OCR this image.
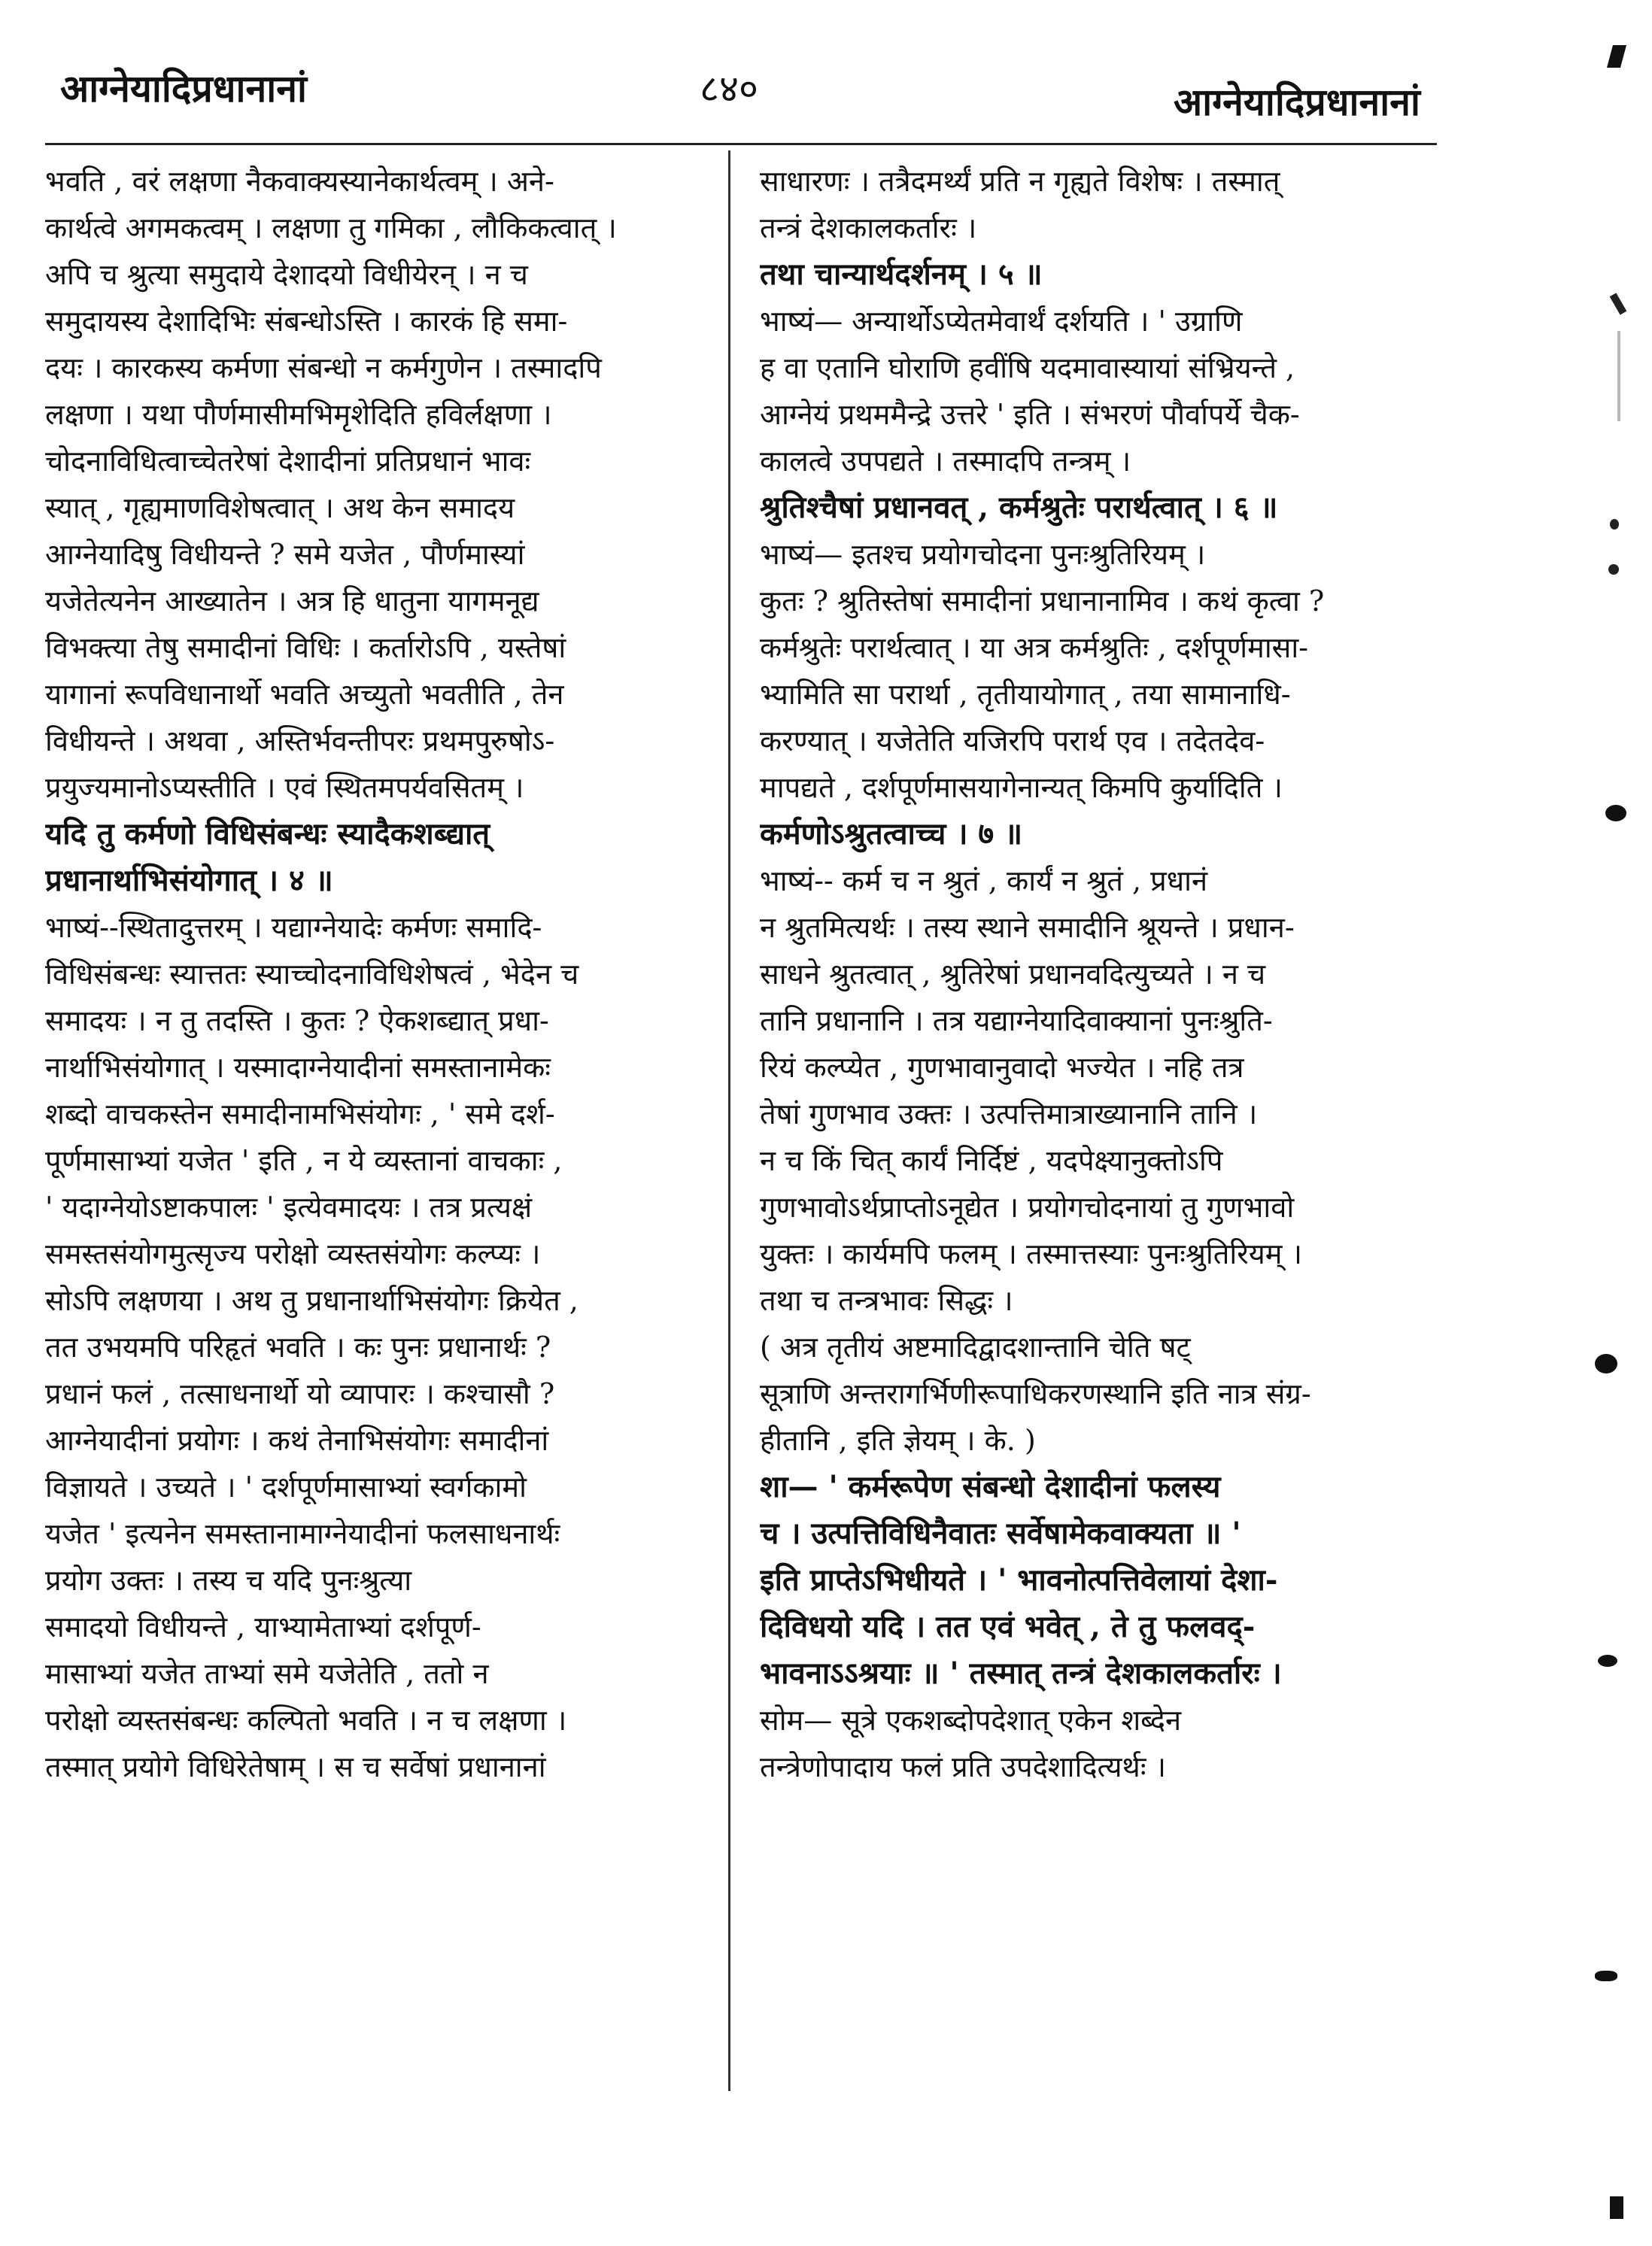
आग्नेयादिप्रधानानां	८४०	आग्नेयादिप्रधानानां
भवति , वरं लक्षणा नैकवाक्यस्यानेकार्थत्वम् । अने-
कार्थत्वे अगमकत्वम् । लक्षणा तु गमिका , लौकिकत्वात् ।
अपि च श्रुत्या समुदाये देशादयो विधीयेरन् । न च
समुदायस्य देशादिभिः संबन्धोऽस्ति । कारकं हि समा-
दयः । कारकस्य कर्मणा संबन्धो न कर्मगुणेन । तस्मादपि
लक्षणा । यथा पौर्णमासीमभिमृशेदिति हविर्लक्षणा ।
चोदनाविधित्वाच्चेतरेषां देशादीनां प्रतिप्रधानं भावः
स्यात् , गृह्यमाणविशेषत्वात् । अथ केन समादय
आग्नेयादिषु विधीयन्ते ? समे यजेत , पौर्णमास्यां
यजेतेत्यनेन आख्यातेन । अत्र हि धातुना यागमनूद्य
विभक्त्या तेषु समादीनां विधिः । कर्तारोऽपि , यस्तेषां
यागानां रूपविधानार्थो भवति अच्युतो भवतीति , तेन
विधीयन्ते । अथवा , अस्तिर्भवन्तीपरः प्रथमपुरुषोऽ-
प्रयुज्यमानोऽप्यस्तीति । एवं स्थितमपर्यवसितम् ।
यदि तु कर्मणो विधिसंबन्धः स्यादैकशब्द्यात्
प्रधानार्थाभिसंयोगात् । ४ ॥
भाष्यं--स्थितादुत्तरम् । यद्याग्नेयादेः कर्मणः समादि-
विधिसंबन्धः स्यात्ततः स्याच्चोदनाविधिशेषत्वं , भेदेन च
समादयः । न तु तदस्ति । कुतः ? ऐकशब्द्यात् प्रधा-
नार्थाभिसंयोगात् । यस्मादाग्नेयादीनां समस्तानामेकः
शब्दो वाचकस्तेन समादीनामभिसंयोगः , ' समे दर्श-
पूर्णमासाभ्यां यजेत ' इति , न ये व्यस्तानां वाचकाः ,
' यदाग्नेयोऽष्टाकपालः ' इत्येवमादयः । तत्र प्रत्यक्षं
समस्तसंयोगमुत्सृज्य परोक्षो व्यस्तसंयोगः कल्प्यः ।
सोऽपि लक्षणया । अथ तु प्रधानार्थाभिसंयोगः क्रियेत ,
तत उभयमपि परिहृतं भवति । कः पुनः प्रधानार्थः ?
प्रधानं फलं , तत्साधनार्थो यो व्यापारः । कश्चासौ ?
आग्नेयादीनां प्रयोगः । कथं तेनाभिसंयोगः समादीनां
विज्ञायते । उच्यते । ' दर्शपूर्णमासाभ्यां स्वर्गकामो
यजेत ' इत्यनेन समस्तानामाग्नेयादीनां फलसाधनार्थः
प्रयोग उक्तः । तस्य च यदि पुनःश्रुत्या
समादयो विधीयन्ते , याभ्यामेताभ्यां दर्शपूर्ण-
मासाभ्यां यजेत ताभ्यां समे यजेतेति , ततो न
परोक्षो व्यस्तसंबन्धः कल्पितो भवति । न च लक्षणा ।
तस्मात् प्रयोगे विधिरेतेषाम् । स च सर्वेषां प्रधानानां
साधारणः । तत्रैदमर्थ्यं प्रति न गृह्यते विशेषः । तस्मात्
तन्त्रं देशकालकर्तारः ।
तथा चान्यार्थदर्शनम् । ५ ॥
भाष्यं— अन्यार्थोऽप्येतमेवार्थं दर्शयति । ' उग्राणि
ह वा एतानि घोराणि हवींषि यदमावास्यायां संभ्रियन्ते ,
आग्नेयं प्रथममैन्द्रे उत्तरे ' इति । संभरणं पौर्वापर्ये चैक-
कालत्वे उपपद्यते । तस्मादपि तन्त्रम् ।
श्रुतिश्चैषां प्रधानवत् , कर्मश्रुतेः परार्थत्वात् । ६ ॥
भाष्यं— इतश्च प्रयोगचोदना पुनःश्रुतिरियम् ।
कुतः ? श्रुतिस्तेषां समादीनां प्रधानानामिव । कथं कृत्वा ?
कर्मश्रुतेः परार्थत्वात् । या अत्र कर्मश्रुतिः , दर्शपूर्णमासा-
भ्यामिति सा परार्था , तृतीयायोगात् , तया सामानाधि-
करण्यात् । यजेतेति यजिरपि परार्थ एव । तदेतदेव-
मापद्यते , दर्शपूर्णमासयागेनान्यत् किमपि कुर्यादिति ।
कर्मणोऽश्रुतत्वाच्च । ७ ॥
भाष्यं-- कर्म च न श्रुतं , कार्यं न श्रुतं , प्रधानं
न श्रुतमित्यर्थः । तस्य स्थाने समादीनि श्रूयन्ते । प्रधान-
साधने श्रुतत्वात् , श्रुतिरेषां प्रधानवदित्युच्यते । न च
तानि प्रधानानि । तत्र यद्याग्नेयादिवाक्यानां पुनःश्रुति-
रियं कल्प्येत , गुणभावानुवादो भज्येत । नहि तत्र
तेषां गुणभाव उक्तः । उत्पत्तिमात्राख्यानानि तानि ।
न च किं चित् कार्यं निर्दिष्टं , यदपेक्ष्यानुक्तोऽपि
गुणभावोऽर्थप्राप्तोऽनूद्येत । प्रयोगचोदनायां तु गुणभावो
युक्तः । कार्यमपि फलम् । तस्मात्तस्याः पुनःश्रुतिरियम् ।
तथा च तन्त्रभावः सिद्धः ।
( अत्र तृतीयं अष्टमादिद्वादशान्तानि चेति षट्
सूत्राणि अन्तरागर्भिणीरूपाधिकरणस्थानि इति नात्र संग्र-
हीतानि , इति ज्ञेयम् । के. )
शा— ' कर्मरूपेण संबन्धो देशादीनां फलस्य
च । उत्पत्तिविधिनैवातः सर्वेषामेकवाक्यता ॥ '
इति प्राप्तेऽभिधीयते । ' भावनोत्पत्तिवेलायां देशा-
दिविधयो यदि । तत एवं भवेत् , ते तु फलवद्-
भावनाऽऽश्रयाः ॥ ' तस्मात् तन्त्रं देशकालकर्तारः ।
सोम— सूत्रे एकशब्दोपदेशात् एकेन शब्देन
तन्त्रेणोपादाय फलं प्रति उपदेशादित्यर्थः ।
